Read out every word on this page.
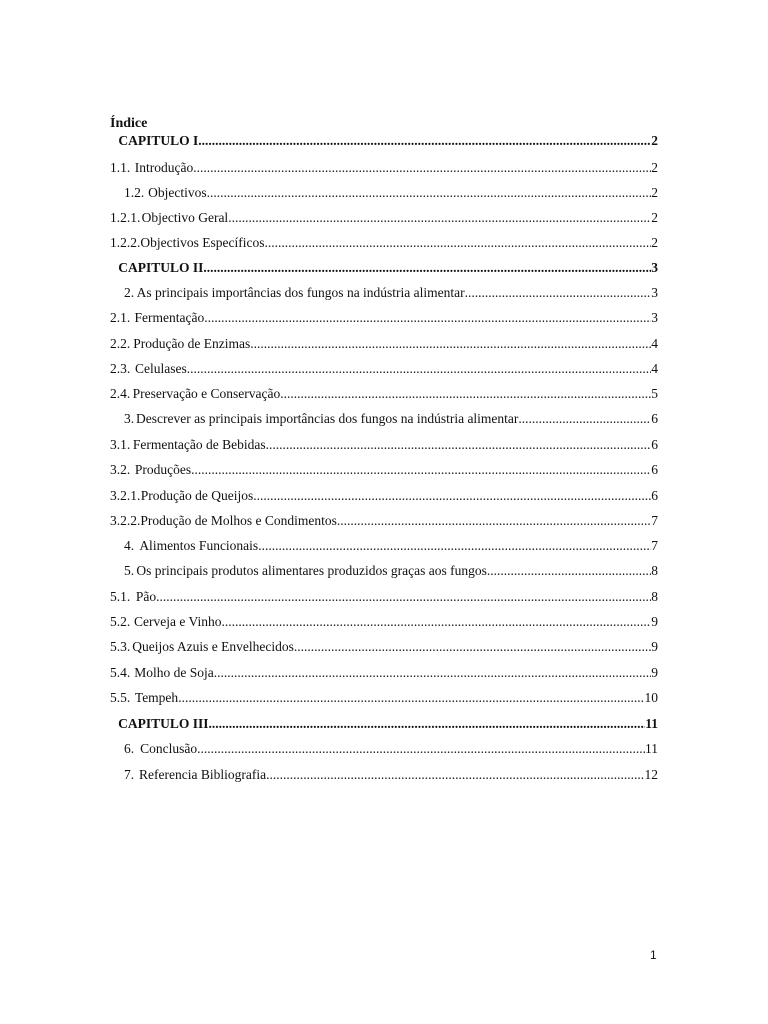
Índice
CAPITULO I .....	2
1.1. Introdução .....	2
1.2. Objectivos .....	2
1.2.1. Objectivo Geral .....	2
1.2.2. Objectivos Específicos .....	2
CAPITULO II .....	3
2. As principais importâncias dos fungos na indústria alimentar .....	3
2.1. Fermentação .....	3
2.2. Produção de Enzimas .....	4
2.3. Celulases .....	4
2.4. Preservação e Conservação .....	5
3. Descrever as principais importâncias dos fungos na indústria alimentar .....	6
3.1. Fermentação de Bebidas .....	6
3.2. Produções .....	6
3.2.1. Produção de Queijos .....	6
3.2.2. Produção de Molhos e Condimentos .....	7
4. Alimentos Funcionais .....	7
5. Os principais produtos alimentares produzidos graças aos fungos .....	8
5.1. Pão .....	8
5.2. Cerveja e Vinho .....	9
5.3. Queijos Azuis e Envelhecidos .....	9
5.4. Molho de Soja .....	9
5.5. Tempeh .....	10
CAPITULO III .....	11
6. Conclusão .....	11
7. Referencia Bibliografia .....	12
1
